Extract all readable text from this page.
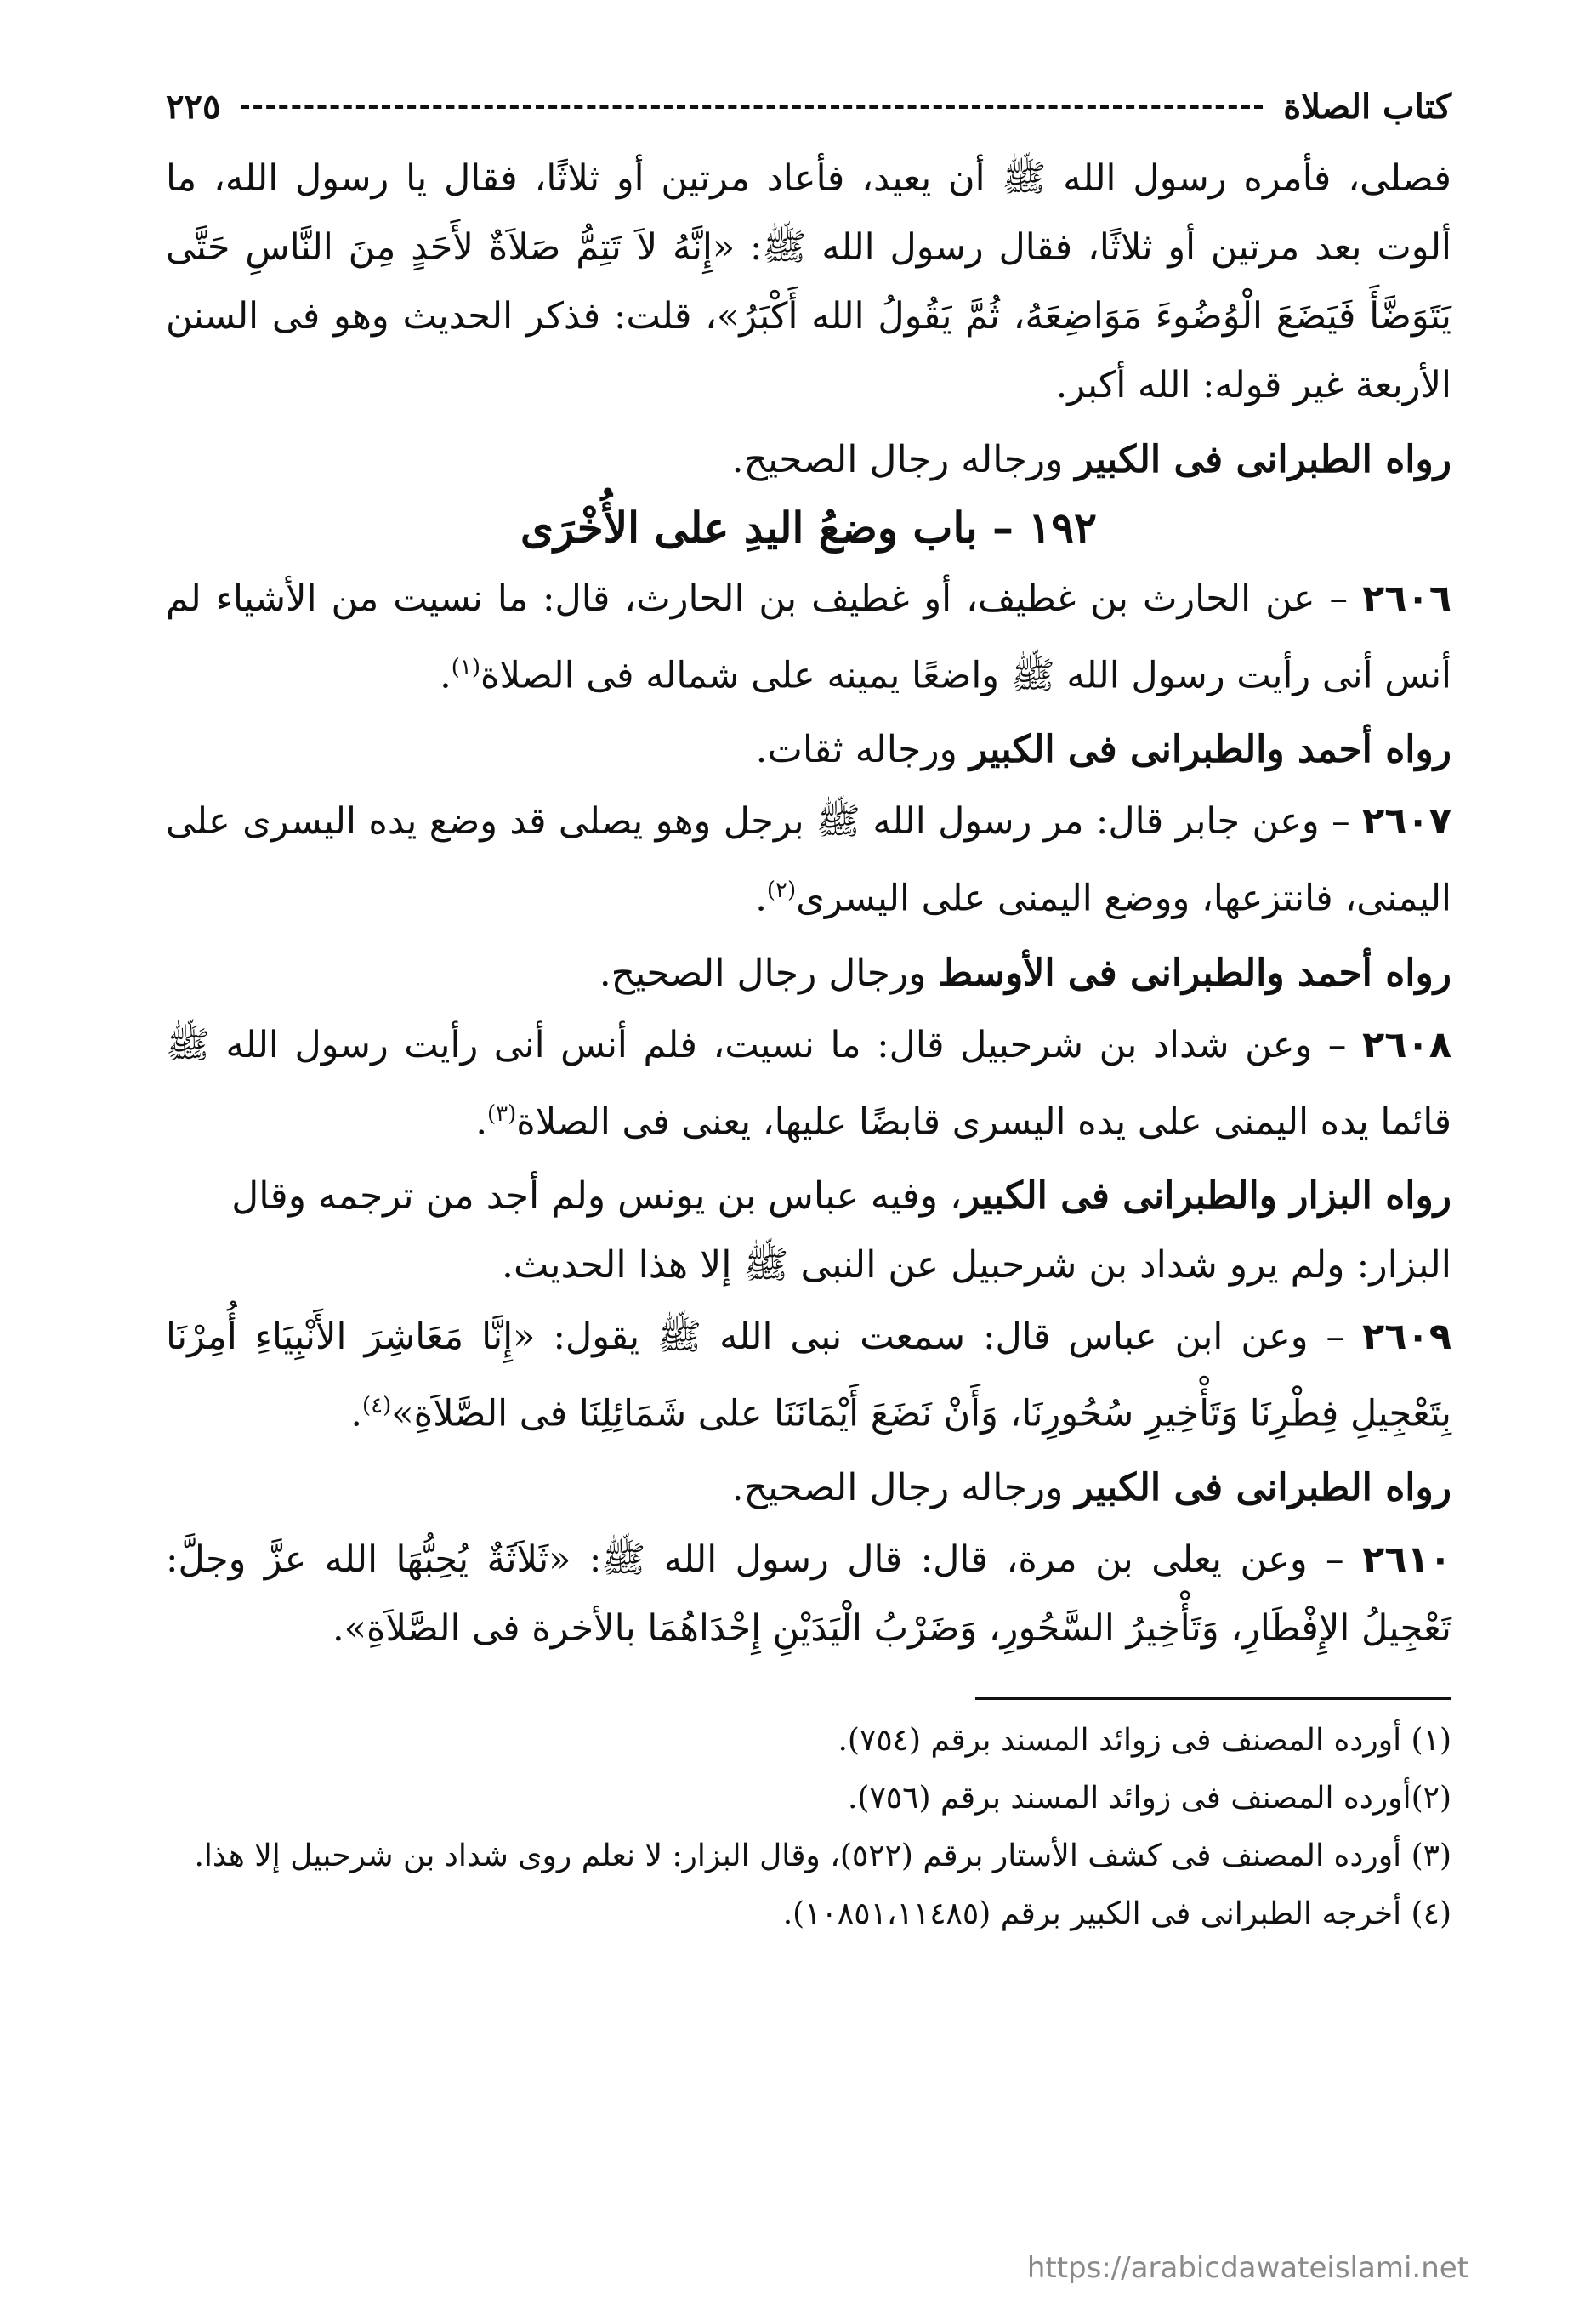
كتاب الصلاة
٢٢٥

فصلى، فأمره رسول الله ﷺ أن يعيد، فأعاد مرتين أو ثلاثًا، فقال يا رسول الله، ما ألوت بعد مرتين أو ثلاثًا، فقال رسول الله ﷺ: «إِنَّهُ لاَ تَتِمُّ صَلاَةٌ لأَحَدٍ مِنَ النَّاسِ حَتَّى يَتَوَضَّأَ فَيَضَعَ الْوُضُوءَ مَوَاضِعَهُ، ثُمَّ يَقُولُ الله أَكْبَرُ»، قلت: فذكر الحديث وهو فى السنن الأربعة غير قوله: الله أكبر.

رواه الطبرانى فى الكبير ورجاله رجال الصحيح.

١٩٢ – باب وضعُ اليدِ على الأُخْرَى

٢٦٠٦ – عن الحارث بن غطيف، أو غطيف بن الحارث، قال: ما نسيت من الأشياء لم أنس أنى رأيت رسول الله ﷺ واضعًا يمينه على شماله فى الصلاة$^{(١)}$.

رواه أحمد والطبرانى فى الكبير ورجاله ثقات.

٢٦٠٧ – وعن جابر قال: مر رسول الله ﷺ برجل وهو يصلى قد وضع يده اليسرى على اليمنى، فانتزعها، ووضع اليمنى على اليسرى$^{(٢)}$.

رواه أحمد والطبرانى فى الأوسط ورجال رجال الصحيح.

٢٦٠٨ – وعن شداد بن شرحبيل قال: ما نسيت، فلم أنس أنى رأيت رسول الله ﷺ قائما يده اليمنى على يده اليسرى قابضًا عليها، يعنى فى الصلاة$^{(٣)}$.

رواه البزار والطبرانى فى الكبير، وفيه عباس بن يونس ولم أجد من ترجمه وقال البزار: ولم يرو شداد بن شرحبيل عن النبى ﷺ إلا هذا الحديث.

٢٦٠٩ – وعن ابن عباس قال: سمعت نبى الله ﷺ يقول: «إِنَّا مَعَاشِرَ الأَنْبِيَاءِ أُمِرْنَا بِتَعْجِيلِ فِطْرِنَا وَتَأْخِيرِ سُحُورِنَا، وَأَنْ نَضَعَ أَيْمَانَنَا على شَمَائِلِنَا فى الصَّلاَةِ»$^{(٤)}$.

رواه الطبرانى فى الكبير ورجاله رجال الصحيح.

٢٦١٠ – وعن يعلى بن مرة، قال: قال رسول الله ﷺ: «ثَلاَثَةٌ يُحِبُّهَا الله عزَّ وجلَّ: تَعْجِيلُ الإِفْطَارِ، وَتَأْخِيرُ السَّحُورِ، وَضَرْبُ الْيَدَيْنِ إِحْدَاهُمَا بالأخرة فى الصَّلاَةِ».

(١) أورده المصنف فى زوائد المسند برقم (٧٥٤).

(٢)أورده المصنف فى زوائد المسند برقم (٧٥٦).

(٣) أورده المصنف فى كشف الأستار برقم (٥٢٢)، وقال البزار: لا نعلم روى شداد بن شرحبيل إلا هذا.

(٤) أخرجه الطبرانى فى الكبير برقم (١٠٨٥١،١١٤٨٥).

https://arabicdawateislami.net
